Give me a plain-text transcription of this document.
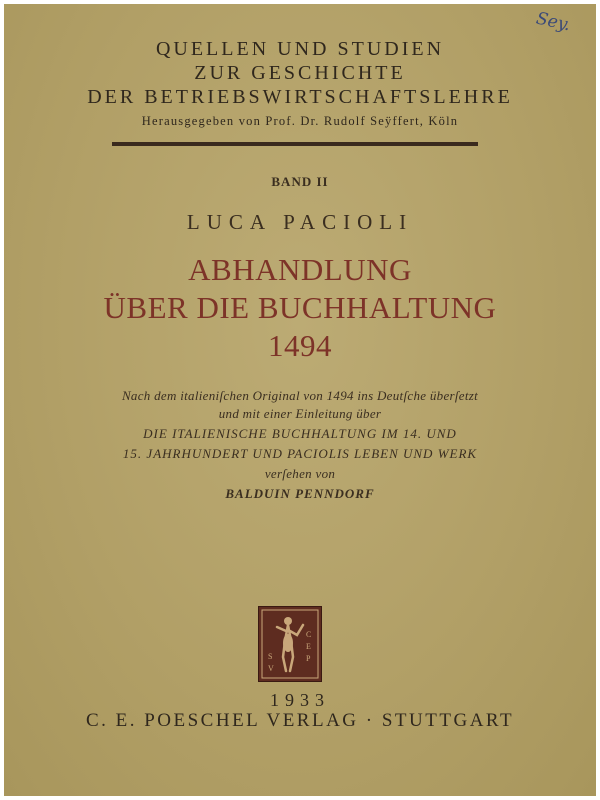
Sey.
QUELLEN UND STUDIEN
ZUR GESCHICHTE
DER BETRIEBSWIRTSCHAFTSLEHRE
Herausgegeben von Prof. Dr. Rudolf Seÿffert, Köln
BAND II
LUCA PACIOLI
ABHANDLUNG
ÜBER DIE BUCHHALTUNG
1494
Nach dem italieniſchen Original von 1494 ins Deutſche überſetzt
und mit einer Einleitung über
DIE ITALIENISCHE BUCHHALTUNG IM 14. UND
15. JAHRHUNDERT UND PACIOLIS LEBEN UND WERK
verſehen von
BALDUIN PENNDORF
C
E
P
S
V
1933
C. E. POESCHEL VERLAG · STUTTGART
